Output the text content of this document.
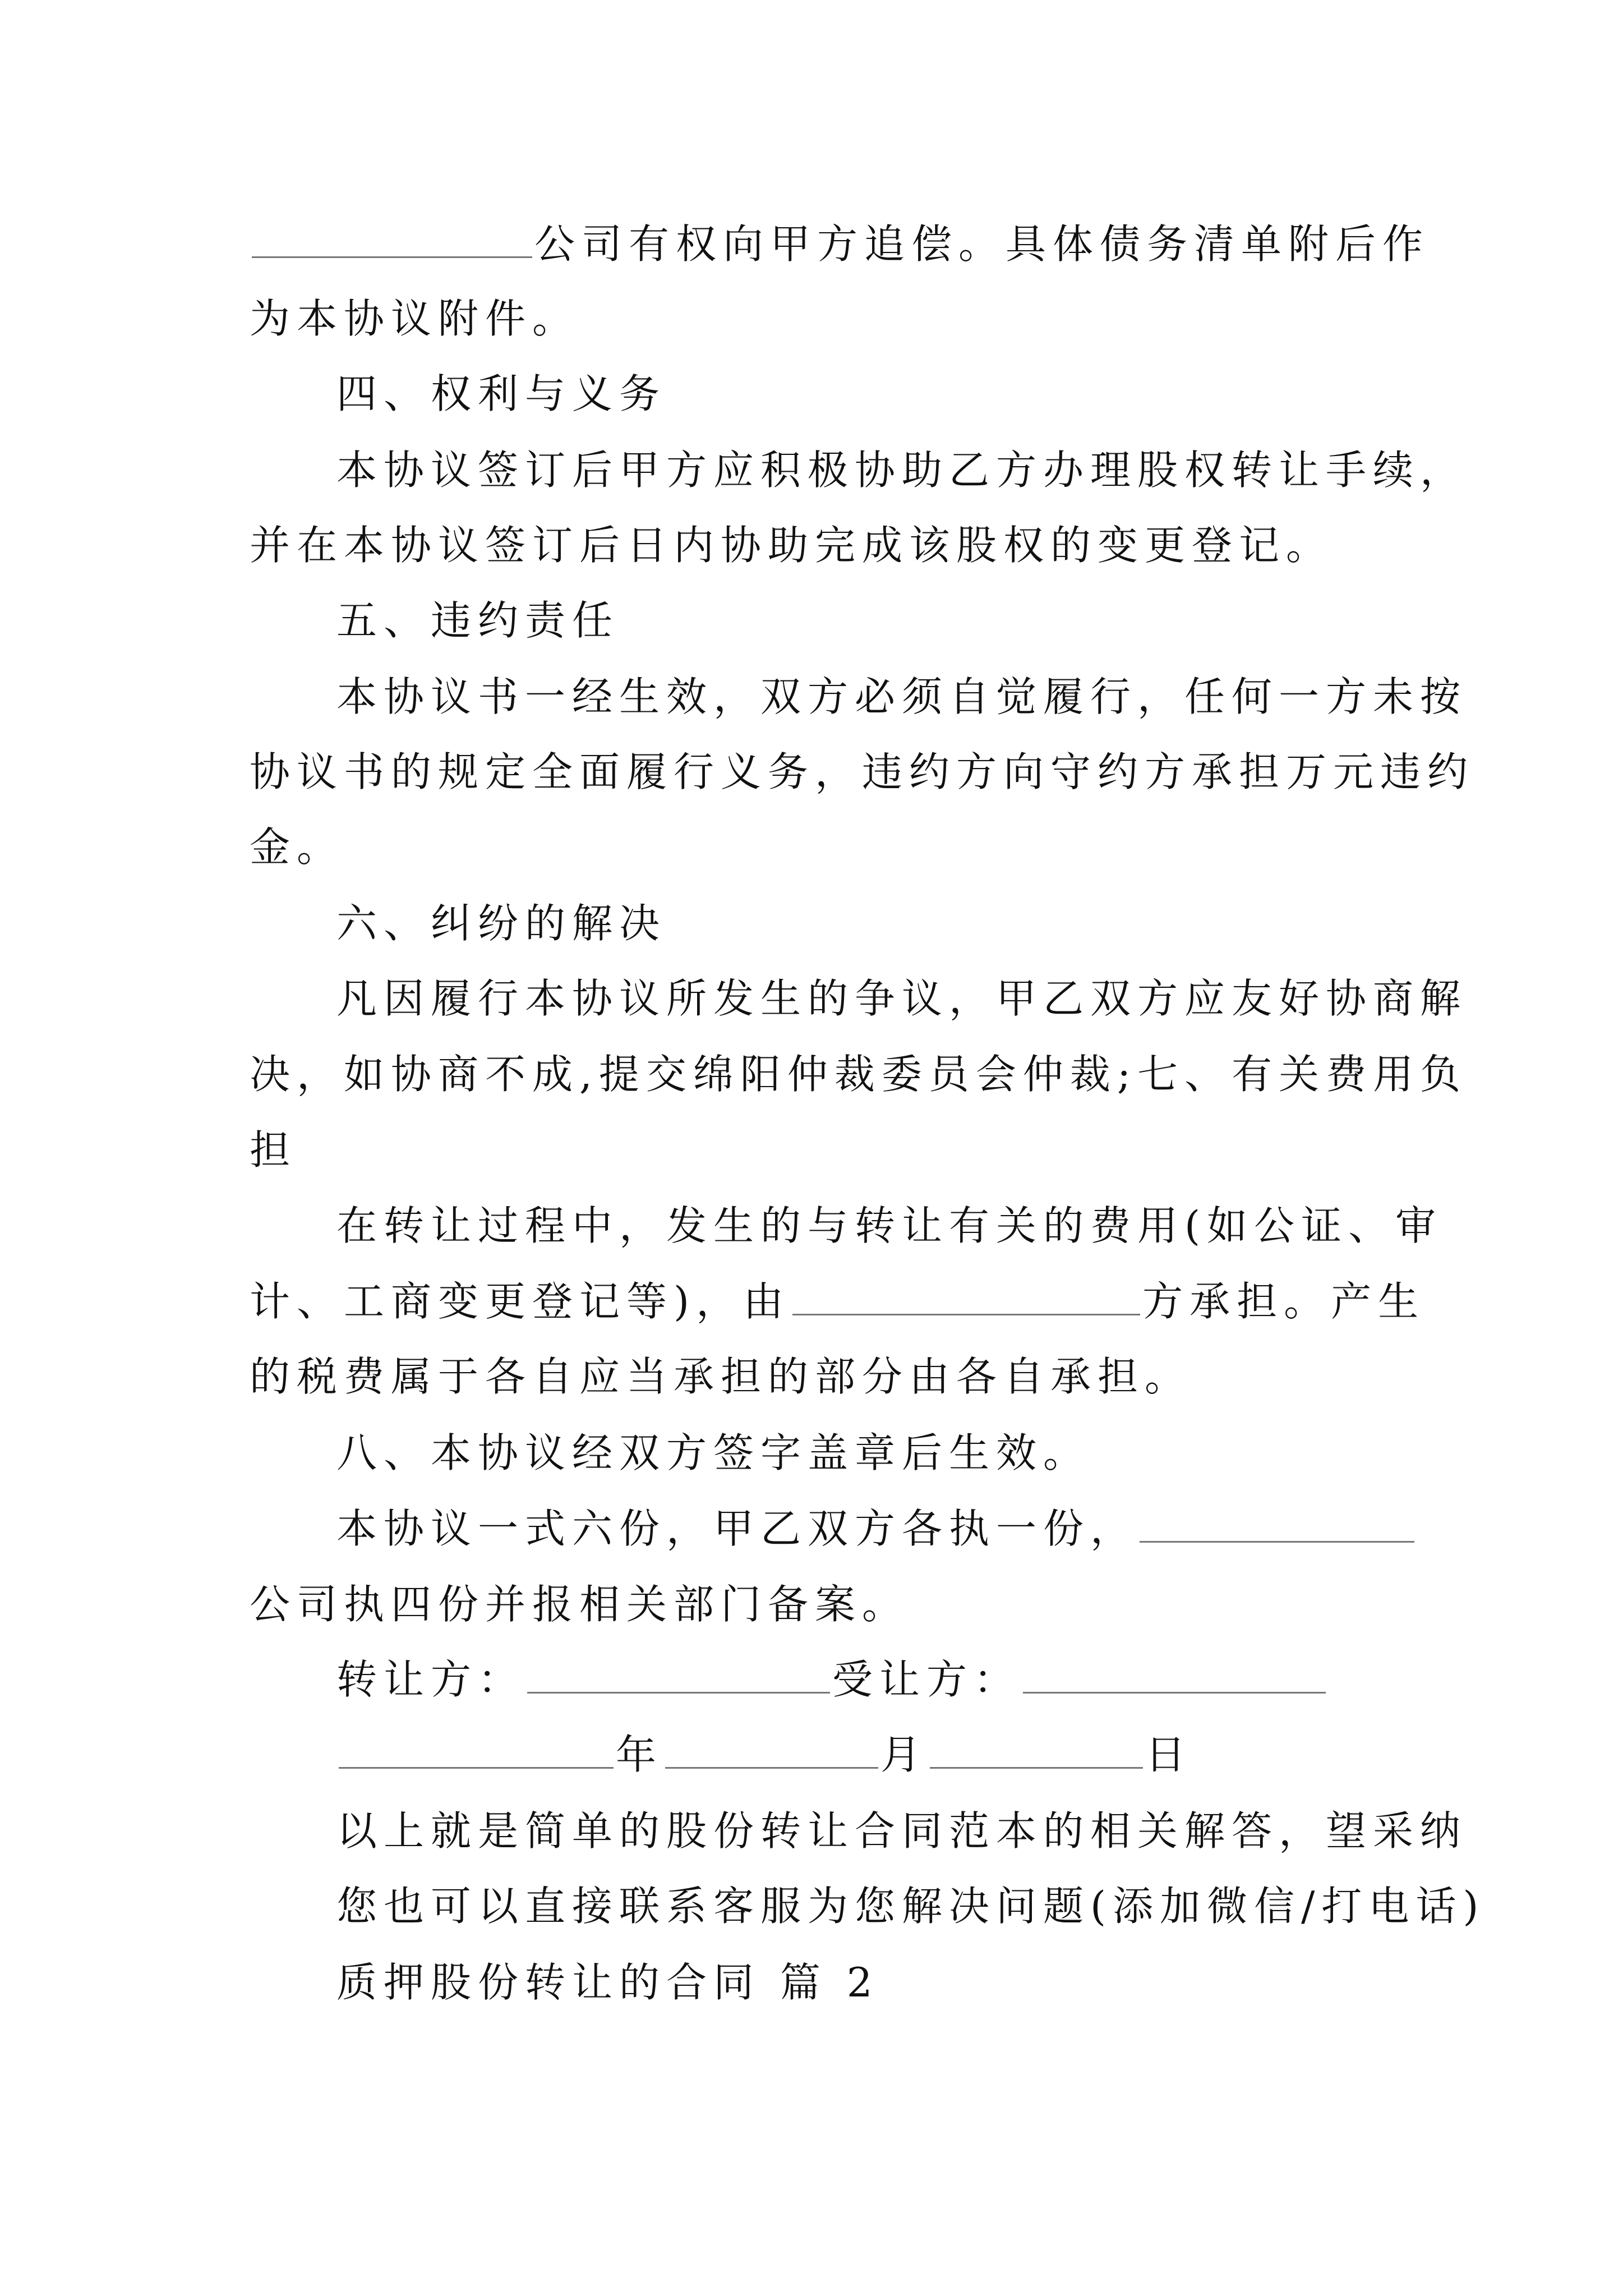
公司有权向甲方追偿。具体债务清单附后作
为本协议附件。
四、权利与义务
本协议签订后甲方应积极协助乙方办理股权转让手续，
并在本协议签订后日内协助完成该股权的变更登记。
五、违约责任
本协议书一经生效，双方必须自觉履行，任何一方未按
协议书的规定全面履行义务，违约方向守约方承担万元违约
金。
六、纠纷的解决
凡因履行本协议所发生的争议，甲乙双方应友好协商解
决，如协商不成,提交绵阳仲裁委员会仲裁;七、有关费用负
担
在转让过程中，发生的与转让有关的费用(如公证、审
计、工商变更登记等)，由	方承担。产生
的税费属于各自应当承担的部分由各自承担。
八、本协议经双方签字盖章后生效。
本协议一式六份，甲乙双方各执一份，
公司执四份并报相关部门备案。
转让方：	受让方：
年	月	日
以上就是简单的股份转让合同范本的相关解答，望采纳
您也可以直接联系客服为您解决问题(添加微信/打电话)
质押股份转让的合同 篇 2
